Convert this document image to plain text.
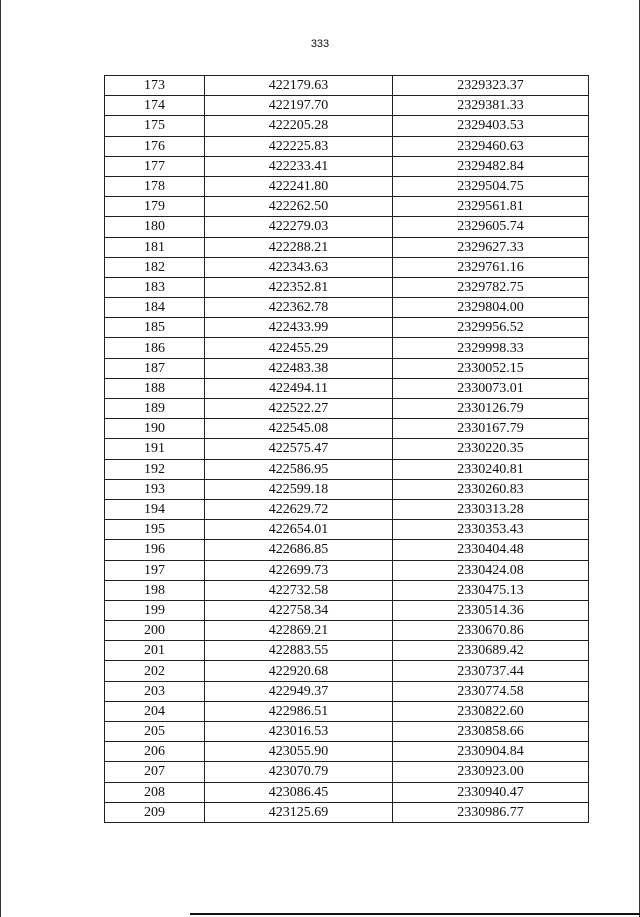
333
173	422179.63	2329323.37
174	422197.70	2329381.33
175	422205.28	2329403.53
176	422225.83	2329460.63
177	422233.41	2329482.84
178	422241.80	2329504.75
179	422262.50	2329561.81
180	422279.03	2329605.74
181	422288.21	2329627.33
182	422343.63	2329761.16
183	422352.81	2329782.75
184	422362.78	2329804.00
185	422433.99	2329956.52
186	422455.29	2329998.33
187	422483.38	2330052.15
188	422494.11	2330073.01
189	422522.27	2330126.79
190	422545.08	2330167.79
191	422575.47	2330220.35
192	422586.95	2330240.81
193	422599.18	2330260.83
194	422629.72	2330313.28
195	422654.01	2330353.43
196	422686.85	2330404.48
197	422699.73	2330424.08
198	422732.58	2330475.13
199	422758.34	2330514.36
200	422869.21	2330670.86
201	422883.55	2330689.42
202	422920.68	2330737.44
203	422949.37	2330774.58
204	422986.51	2330822.60
205	423016.53	2330858.66
206	423055.90	2330904.84
207	423070.79	2330923.00
208	423086.45	2330940.47
209	423125.69	2330986.77
